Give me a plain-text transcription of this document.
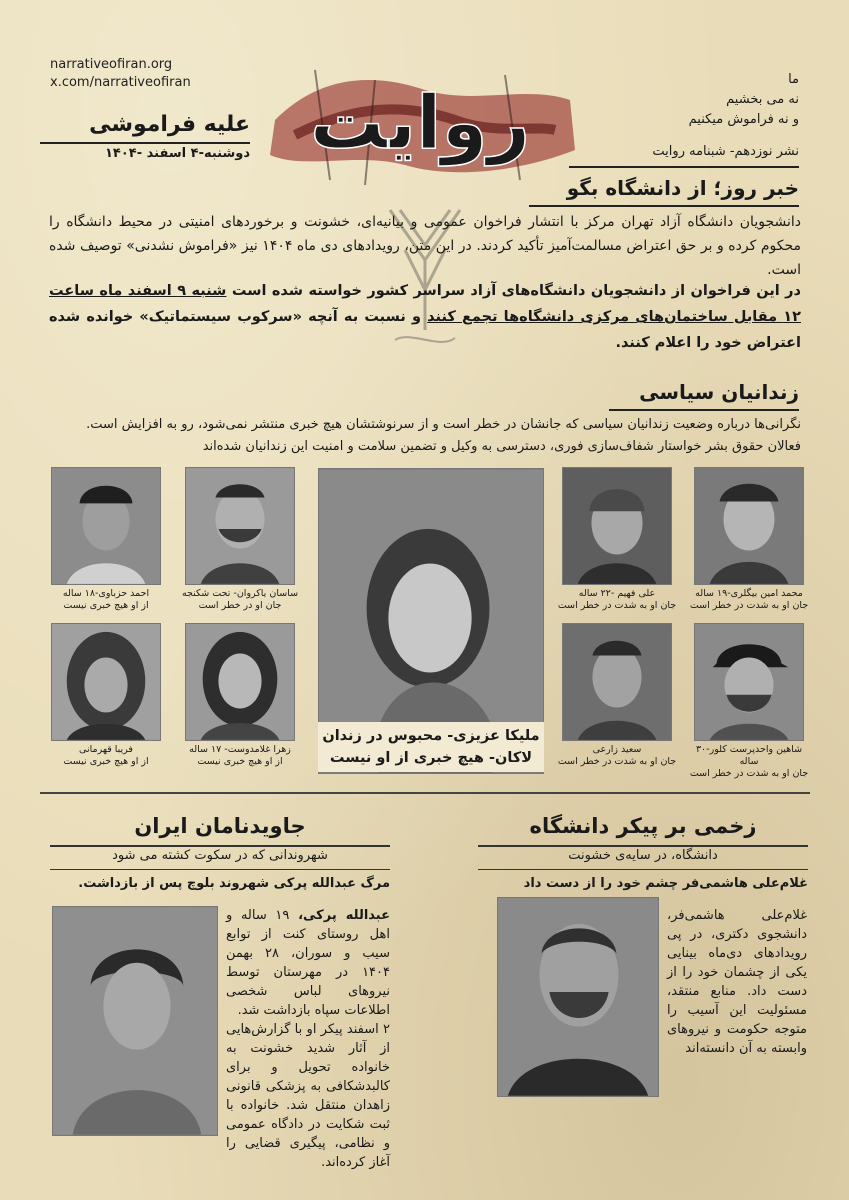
narrativeofiran.org
x.com/narrativeofiran	روایت
علیه فراموشی
دوشنبه-۴ اسفند -۱۴۰۴
ما
نه می بخشیم
و نه فراموش میکنیم
نشر نوزدهم- شبنامه روایت
خبر روز؛ از دانشگاه بگو
دانشجویان دانشگاه آزاد تهران مرکز با انتشار فراخوان عمومی و بیانیه‌ای، خشونت و برخوردهای امنیتی در محیط دانشگاه را محکوم کرده و بر حق اعتراض مسالمت‌آمیز تأکید کردند. در این متن، رویدادهای دی ماه ۱۴۰۴ نیز «فراموش نشدنی» توصیف شده است.
در این فراخوان از دانشجویان دانشگاه‌های آزاد سراسر کشور خواسته شده است شنبه ۹ اسفند ماه ساعت ۱۲ مقابل ساختمان‌های مرکزی دانشگاه‌ها تجمع کنند و نسبت به آنچه «سرکوب سیستماتیک» خوانده شده اعتراض خود را اعلام کنند.
زندانیان سیاسی
نگرانی‌ها درباره وضعیت زندانیان سیاسی که جانشان در خطر است و از سرنوشتشان هیچ خبری منتشر نمی‌شود، رو به افزایش است.
فعالان حقوق بشر خواستار شفاف‌سازی فوری، دسترسی به وکیل و تضمین سلامت و امنیت این زندانیان شده‌اند
ملیکا عزیزی- محبوس در زندان
لاکان- هیچ خبری از او نیست
محمد امین بیگلری-۱۹ ساله
جان او به شدت در خطر است
علی فهیم -۲۲ ساله
جان او به شدت در خطر است
ساسان یاکروان- تحت شکنجه
جان او در خطر است
احمد حزباوی-۱۸ ساله
از او هیچ خبری نیست
شاهین واحدپرست کلور-۳۰ ساله
جان او به شدت در خطر است
سعید زارعی
جان او به شدت در خطر است
زهرا غلامدوست- ۱۷ ساله
از او هیچ خبری نیست
فریبا قهرمانی
از او هیچ خبری نیست
جاویدنامان ایران
شهروندانی که در سکوت کشته می شود
مرگ عبدالله پرکی شهروند بلوچ پس از بازداشت.
عبدالله پرکی، ۱۹ ساله و اهل روستای کنت از توابع سیب و سوران، ۲۸ بهمن ۱۴۰۴ در مهرستان توسط نیروهای لباس شخصی اطلاعات سپاه بازداشت شد.
۲ اسفند پیکر او با گزارش‌هایی از آثار شدید خشونت به خانواده تحویل و برای کالبدشکافی به پزشکی قانونی زاهدان منتقل شد. خانواده با ثبت شکایت در دادگاه عمومی و نظامی، پیگیری قضایی را آغاز کرده‌اند.
زخمی بر پیکر دانشگاه
دانشگاه، در سایه‌ی خشونت
غلام‌علی هاشمی‌فر چشم خود را از دست داد
غلام‌علی هاشمی‌فر، دانشجوی دکتری، در پی رویدادهای دی‌ماه بینایی یکی از چشمان خود را از دست داد. منابع منتقد، مسئولیت این آسیب را متوجه حکومت و نیروهای وابسته به آن دانسته‌اند
